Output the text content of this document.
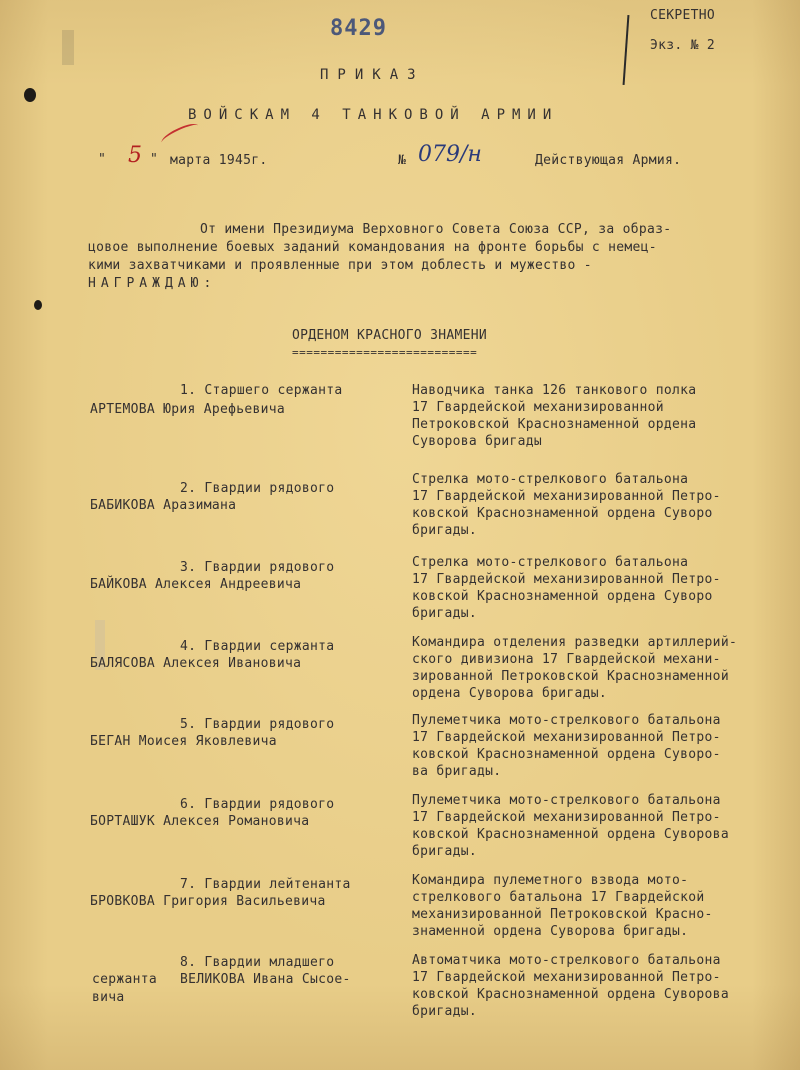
8429
СЕКРЕТНО
Экз. № 2
ПРИКАЗ
ВОЙСКАМ 4 ТАНКОВОЙ АРМИИ
" 5 " марта 1945г.	№ 079/н	Действующая Армия.
От имени Президиума Верховного Совета Союза ССР, за образ-
цовое выполнение боевых заданий командования на фронте борьбы с немец-
кими захватчиками и проявленные при этом доблесть и мужество -
НАГРАЖДАЮ:
ОРДЕНОМ КРАСНОГО ЗНАМЕНИ
==========================
1. Старшего сержанта
АРТЕМОВА Юрия Арефьевича
Наводчика танка 126 танкового полка
17 Гвардейской механизированной
Петроковской Краснознаменной ордена
Суворова бригады
2. Гвардии рядового
БАБИКОВА Аразимана
Стрелка мото-стрелкового батальона
17 Гвардейской механизированной Петро-
ковской Краснознаменной ордена Суворо
бригады.
3. Гвардии рядового
БАЙКОВА Алексея Андреевича
Стрелка мото-стрелкового батальона
17 Гвардейской механизированной Петро-
ковской Краснознаменной ордена Суворо
бригады.
4. Гвардии сержанта
БАЛЯСОВА Алексея Ивановича
Командира отделения разведки артиллерий-
ского дивизиона 17 Гвардейской механи-
зированной Петроковской Краснознаменной
ордена Суворова бригады.
5. Гвардии рядового
БЕГАН Моисея Яковлевича
Пулеметчика мото-стрелкового батальона
17 Гвардейской механизированной Петро-
ковской Краснознаменной ордена Суворо-
ва бригады.
6. Гвардии рядового
БОРТАШУК Алексея Романовича
Пулеметчика мото-стрелкового батальона
17 Гвардейской механизированной Петро-
ковской Краснознаменной ордена Суворова
бригады.
7. Гвардии лейтенанта
БРОВКОВА Григория Васильевича
Командира пулеметного взвода мото-
стрелкового батальона 17 Гвардейской
механизированной Петроковской Красно-
знаменной ордена Суворова бригады.
8. Гвардии младшего
сержанта ВЕЛИКОВА Ивана Сысое-
вича
Автоматчика мото-стрелкового батальона
17 Гвардейской механизированной Петро-
ковской Краснознаменной ордена Суворова
бригады.
